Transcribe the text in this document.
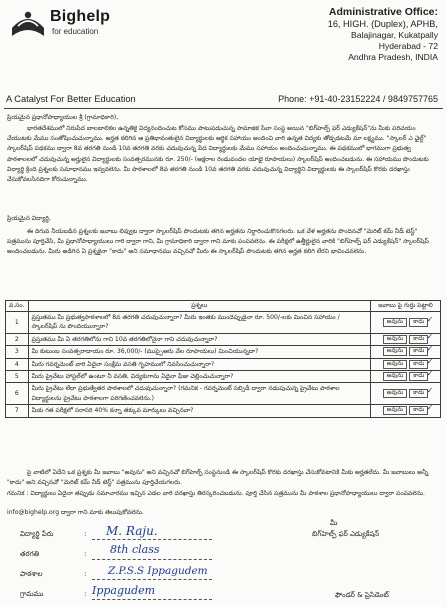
Bighelp
for education
Administrative Office:
16, HIGH. (Duplex), APHB,
Balajinagar, Kukatpally
Hyderabad - 72
Andhra Pradesh, INDIA
A Catalyst For Better Education	Phone: +91-40-23152224 / 9849757765
ప్రియమైన ప్రధానోపాధ్యాయుల శ్రీ (గ్రామాధికారి),
భారతదేశములో నిరుపేద బాలబాలికల ఉన్నతికై విద్యనందించుట కోసము పాటుపడుచున్న సామాజిక సేవా సంస్థ అయిన "బిగ్‌హెల్ప్ ఫర్ ఎడ్యుకేషన్"ను మీకు పరిచయం చేయుటకు మేము సంతోషించుచున్నాము. అర్హత కలిగిన ఆ ప్రతిభావంతులైన విద్యార్థులకు ఆర్థిక సహాయం అందించి వారి ఉన్నత విద్యకు తోడ్పడటమే మా లక్ష్యము. "స్కాలర్ ఎ ఛైల్డ్" స్కాలర్‌షిప్ పథకము ద్వారా 8వ తరగతి నుండి 10వ తరగతి వరకు చదువుచున్న పేద విద్యార్థులకు మేము సహాయం అందించుచున్నాము. ఈ పథకములో భాగముగా ప్రభుత్వ పాఠశాలలలో చదువుచున్న అర్హులైన విద్యార్థులకు సంవత్సరమునకు రూ. 250/- (అక్షరాల రెండువందల యాభై రూపాయలు) స్కాలర్‌షిప్ అందించబడును. ఈ సహాయము పొందుటకు విద్యార్థి క్రింది ప్రశ్నలకు సమాధానము ఇవ్వవలెను. మీ పాఠశాలలో 8వ తరగతి నుండి 10వ తరగతి వరకు చదువుచున్న విద్యార్థిని విద్యార్థులకు ఈ స్కాలర్‌షిప్ కొరకు దరఖాస్తు చేసుకోవలసినదిగా కోరుచున్నాము.
ప్రియమైన విద్యార్థి,
ఈ దిగువ నీయబడిన ప్రశ్నలకు జవాబు లివ్వుట ద్వారా స్కాలర్‌షిప్ పొందుటకు తగిన అర్హతను నిర్ధారించుకొనగలరు. ఒక వేళ అర్హతను పొందినచో "మెరిట్ కమ్ నీడ్ టెస్ట్" పత్రమును పూర్తిచేసి, మీ ప్రధానోపాధ్యాయులు గారి ద్వారా గాని, మీ గ్రామాధికారి ద్వారా గాని మాకు పంపవలెను. ఈ పరీక్షలో ఉత్తీర్ణులైన వారికి "బిగ్‌హెల్ప్ ఫర్ ఎడ్యుకేషన్" స్కాలర్‌షిప్ అందించబడును. మీరు అడిగిన ఏ ప్రశ్నకైనా "కాదు" అని సమాధానము వచ్చినచో మీరు ఈ స్కాలర్‌షిప్ పొందుటకు తగిన అర్హత కలిగి లేరని భావించవలెను.
వ.సం.	ప్రశ్నలు	జవాబు పై గుర్తు పెట్టాలి
1	ప్రస్తుతము మీ ప్రభుత్వపాఠశాలలో 8వ తరగతి చదువుచున్నారా? మీరు ఇంతకు ముందెప్పుడైనా రూ. 500/-లకు మించిన సహాయం / స్కాలర్‌షిప్ ను పొందియున్నారా?	అవును కాదు ✓
2	ప్రస్తుతము మీ ఏ తరగతిలోను గాని 10వ తరగతిలోనైనా గాని చదువుచున్నారా?	అవును కాదు ✓
3	మీ కుటుంబ సంవత్సరాదాయం రూ. 36,000/- (ముప్పైఆరు వేల రూపాయలు) మించియున్నదా?	అవును కాదు ✓
4	మీరు గవర్నమెంట్ వారి ఏదైనా సంక్షేమ వసతి గృహములో నివసించుచున్నారా?	అవును కాదు ✓
5	మీరు ప్రైవేటు హాస్టల్‌లో ఉంటూ నీ వసతి, విద్యకుగాను ఏదైనా ఫీజు చెల్లించుచున్నారా?	అవును కాదు ✓
6	మీరు ప్రైవేటు లేదా ప్రభుత్వేతర పాఠశాలలో చదువుచున్నారా? (గమనిక - గవర్నమెంట్ సబ్సిడీ ద్వారా నడుపుచున్న ప్రైవేటు పాఠశాల విద్యార్థులను ప్రైవేటు పాఠశాలగా పరిగణించవలెను.)	అవును కాదు ✓
7	మీకు గత పరీక్షలో సరాసరి 40% కన్నా తక్కువ మార్కులు వచ్చినవా?	అవును కాదు ✓
పై వాటిలో ఏదేని ఒక ప్రశ్నకు మీ జవాబు "అవును" అని వచ్చినచో బిగ్‌హెల్ప్ సంస్థనుండి ఈ స్కాలర్‌షిప్ కొరకు దరఖాస్తు చేసుకోవటానికి మీకు అర్హతలేదు. మీ జవాబులు అన్నీ "కాదు" అని వచ్చినచో "మెరిట్ కమ్ నీడ్ టెస్ట్" పత్రమును పూర్తిచేయగలరు.
గమనిక : విద్యార్థులు ఏదైనా తప్పుడు సమాచారము ఇచ్చిన ఎడల వారి దరఖాస్తు తిరస్కరించబడును. పూర్తి చేసిన పత్రమును మీ పాఠశాల ప్రధానోపాధ్యాయులు ద్వారా పంపవలెను.
info@bighelp.org ద్వారా గాని మాకు తెలుపుకోవలెను.
మీ
బిగ్‌హెల్ప్ ఫర్ ఎడ్యుకేషన్
ఫౌండర్ & ప్రెసిడెంట్
విద్యార్థి పేరు	: M. Raju.
తరగతి	: 8th class
పాఠశాల	: Z.P.S.S Ippagudem
గ్రామము	: Ippagudem
